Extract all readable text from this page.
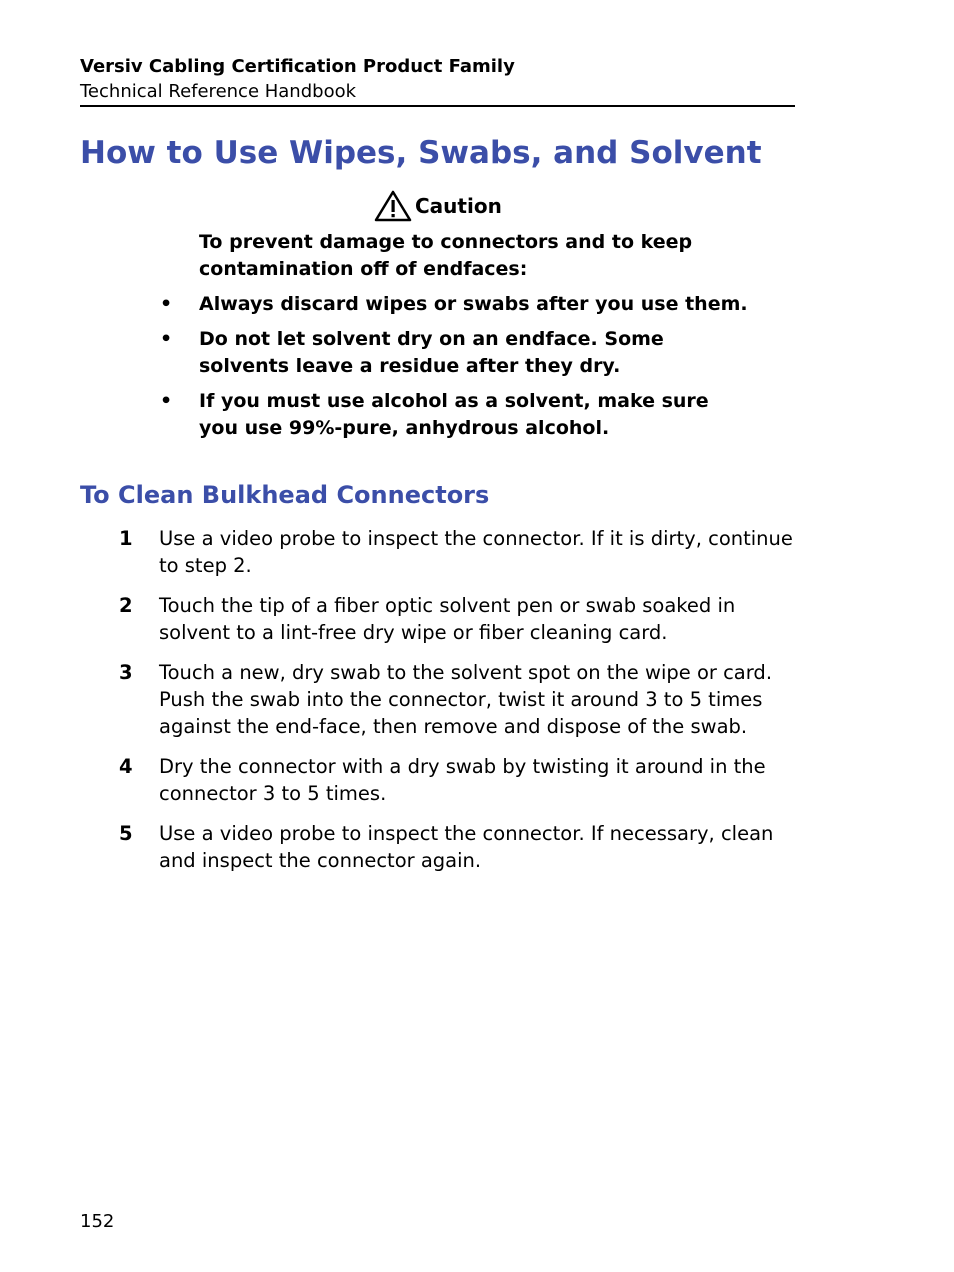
Versiv Cabling Certification Product Family
Technical Reference Handbook
How to Use Wipes, Swabs, and Solvent
Caution
To prevent damage to connectors and to keep contamination off of endfaces:
•	Always discard wipes or swabs after you use them.
•	Do not let solvent dry on an endface. Some solvents leave a residue after they dry.
•	If you must use alcohol as a solvent, make sure you use 99%-pure, anhydrous alcohol.
To Clean Bulkhead Connectors
1	Use a video probe to inspect the connector. If it is dirty, continue to step 2.
2	Touch the tip of a fiber optic solvent pen or swab soaked in solvent to a lint-free dry wipe or fiber cleaning card.
3	Touch a new, dry swab to the solvent spot on the wipe or card. Push the swab into the connector, twist it around 3 to 5 times against the end-face, then remove and dispose of the swab.
4	Dry the connector with a dry swab by twisting it around in the connector 3 to 5 times.
5	Use a video probe to inspect the connector. If necessary, clean and inspect the connector again.
152
